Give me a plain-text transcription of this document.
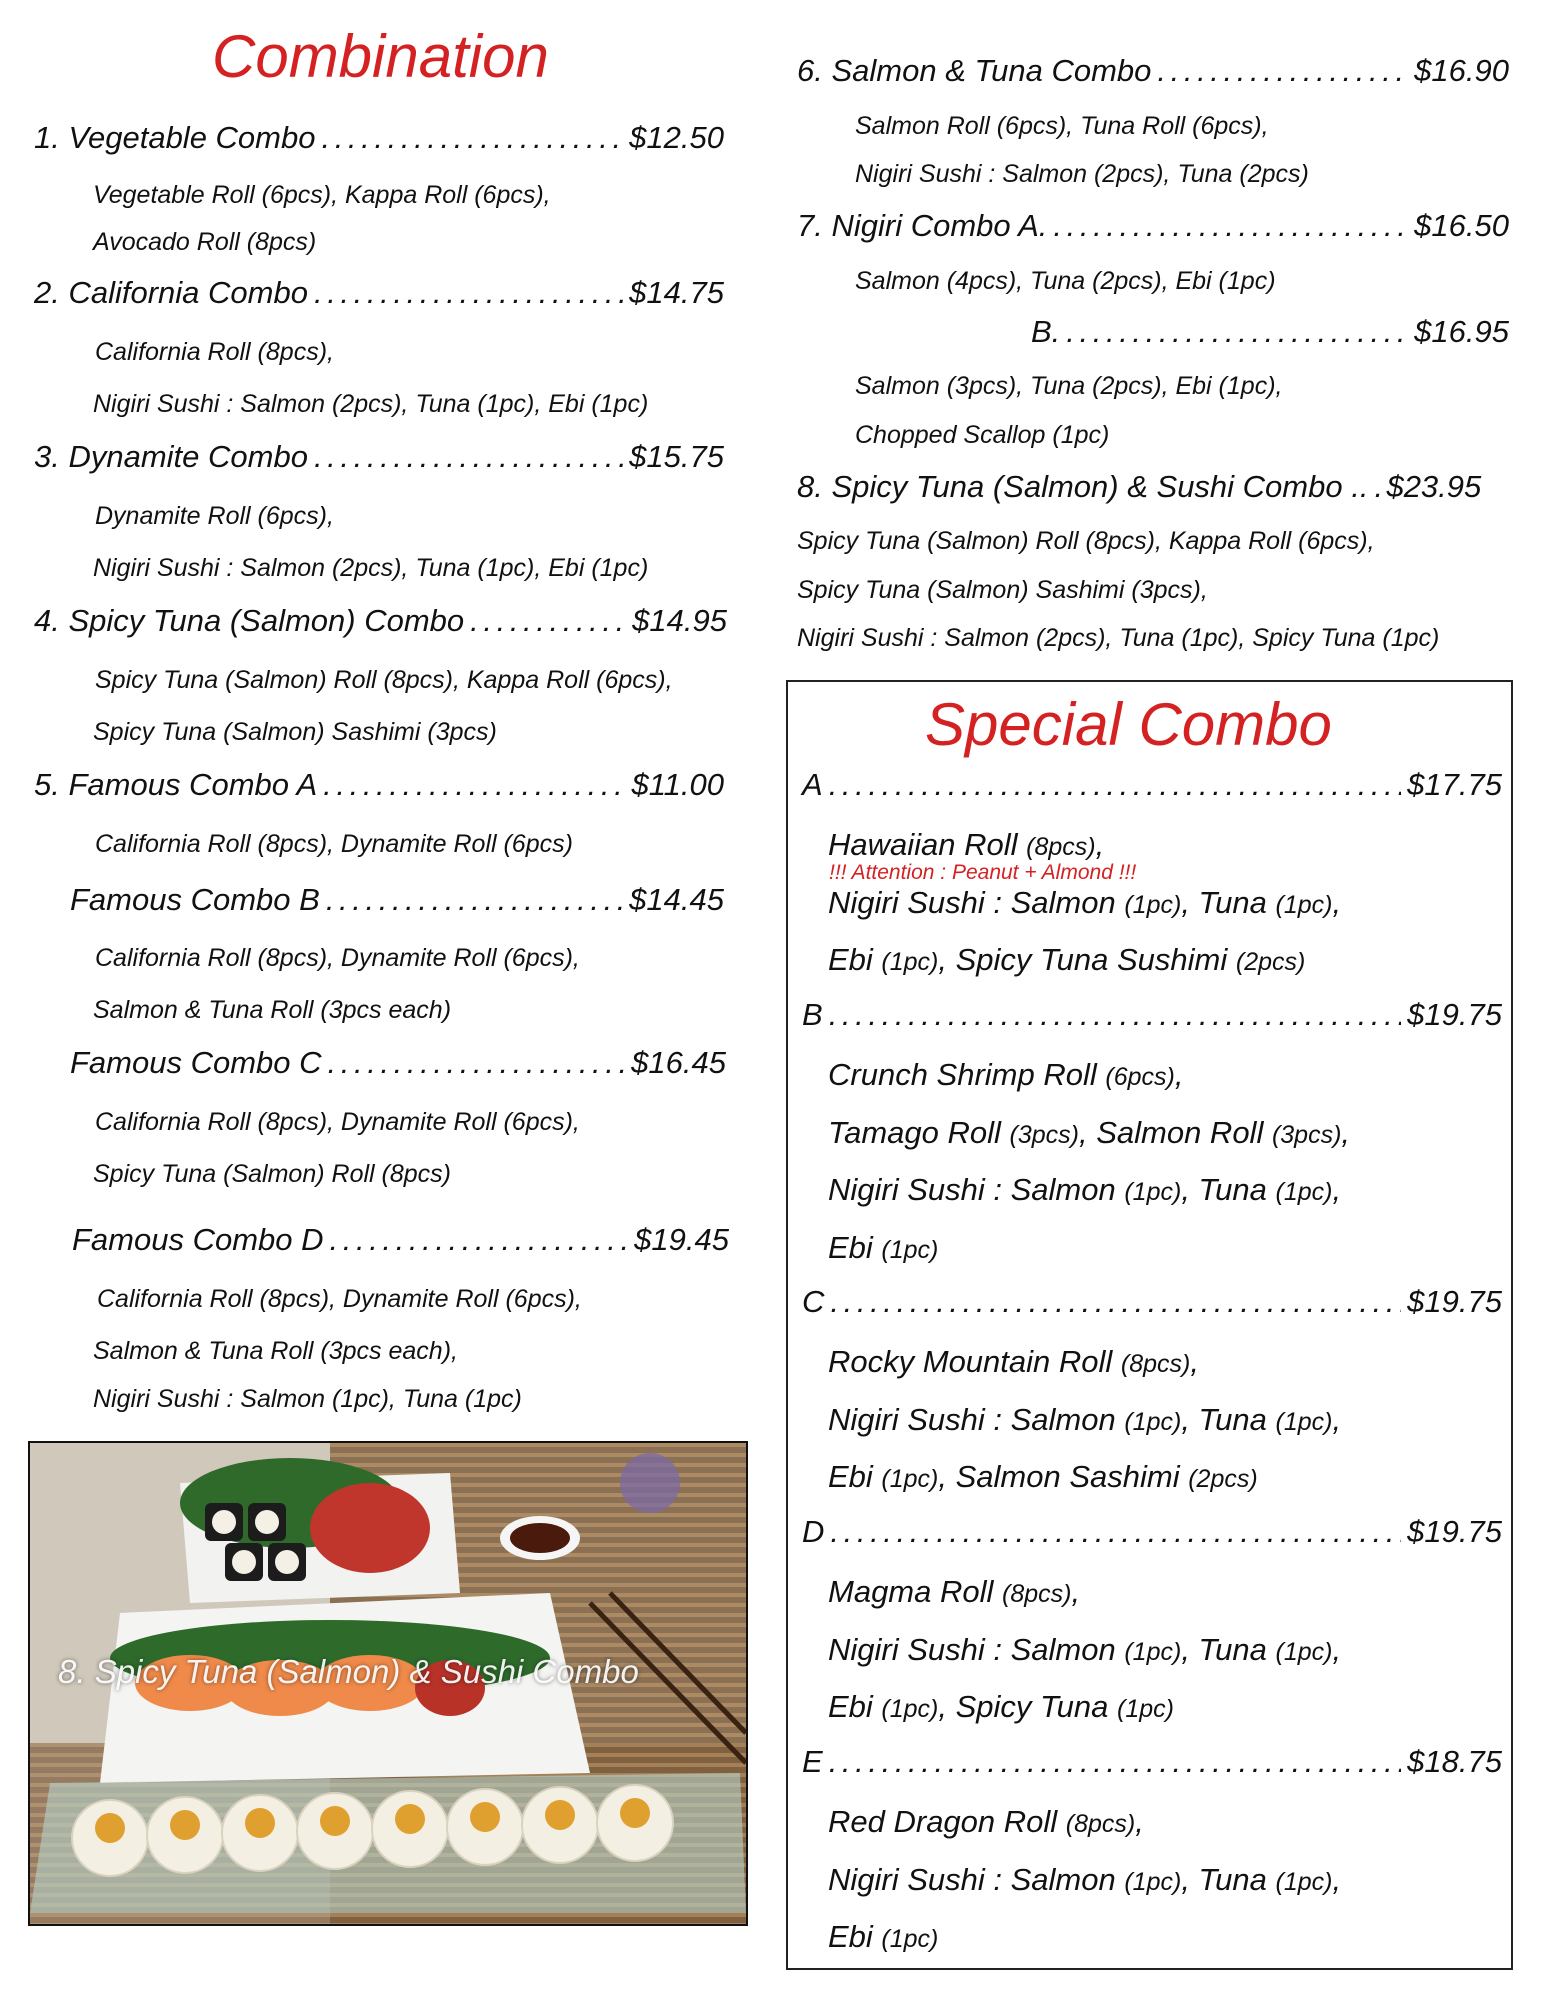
Combination
1. Vegetable Combo . . .	$12.50
Vegetable Roll (6pcs), Kappa Roll (6pcs),
Avocado Roll (8pcs)
2. California Combo . . .	$14.75
California Roll (8pcs),
Nigiri Sushi : Salmon (2pcs), Tuna (1pc), Ebi (1pc)
3. Dynamite Combo . . .	$15.75
Dynamite Roll (6pcs),
Nigiri Sushi : Salmon (2pcs), Tuna (1pc), Ebi (1pc)
4. Spicy Tuna (Salmon) Combo . . .	$14.95
Spicy Tuna (Salmon) Roll (8pcs), Kappa Roll (6pcs),
Spicy Tuna (Salmon) Sashimi (3pcs)
5. Famous Combo A . . .	$11.00
California Roll (8pcs), Dynamite Roll (6pcs)
Famous Combo B . . .	$14.45
California Roll (8pcs), Dynamite Roll (6pcs),
Salmon & Tuna Roll (3pcs each)
Famous Combo C . . .	$16.45
California Roll (8pcs), Dynamite Roll (6pcs),
Spicy Tuna (Salmon) Roll (8pcs)
Famous Combo D . . .	$19.45
California Roll (8pcs), Dynamite Roll (6pcs),
Salmon & Tuna Roll (3pcs each),
Nigiri Sushi : Salmon (1pc), Tuna (1pc)
8. Spicy Tuna (Salmon) & Sushi Combo
6. Salmon & Tuna Combo . . .	$16.90
Salmon Roll (6pcs), Tuna Roll (6pcs),
Nigiri Sushi : Salmon (2pcs), Tuna (2pcs)
7. Nigiri Combo A. . . .	$16.50
Salmon (4pcs), Tuna (2pcs), Ebi (1pc)
B. . . .	$16.95
Salmon (3pcs), Tuna (2pcs), Ebi (1pc),
Chopped Scallop (1pc)
8. Spicy Tuna (Salmon) & Sushi Combo .. . . . $23.95
Spicy Tuna (Salmon) Roll (8pcs), Kappa Roll (6pcs),
Spicy Tuna (Salmon) Sashimi (3pcs),
Nigiri Sushi : Salmon (2pcs), Tuna (1pc), Spicy Tuna (1pc)
Special Combo
A . . .	$17.75
Hawaiian Roll (8pcs),
Nigiri Sushi : Salmon (1pc), Tuna (1pc),
Ebi (1pc), Spicy Tuna Sushimi (2pcs)
!!! Attention : Peanut + Almond !!!
B . . .	$19.75
Crunch Shrimp Roll (6pcs),
Tamago Roll (3pcs), Salmon Roll (3pcs),
Nigiri Sushi : Salmon (1pc), Tuna (1pc),
Ebi (1pc)
C . . .	$19.75
Rocky Mountain Roll (8pcs),
Nigiri Sushi : Salmon (1pc), Tuna (1pc),
Ebi (1pc), Salmon Sashimi (2pcs)
D . . .	$19.75
Magma Roll (8pcs),
Nigiri Sushi : Salmon (1pc), Tuna (1pc),
Ebi (1pc), Spicy Tuna (1pc)
E . . .	$18.75
Red Dragon Roll (8pcs),
Nigiri Sushi : Salmon (1pc), Tuna (1pc),
Ebi (1pc)
